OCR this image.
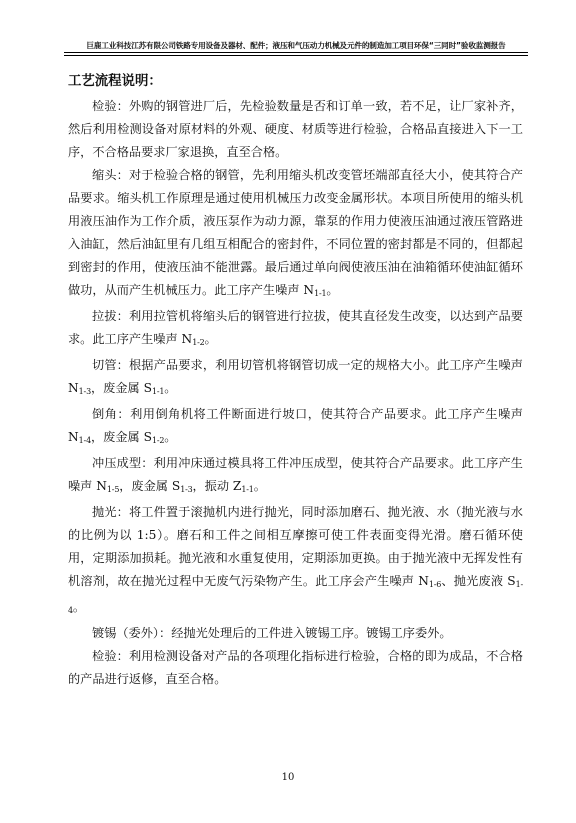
巨鹿工业科技江苏有限公司铁路专用设备及器材、配件；液压和气压动力机械及元件的制造加工项目环保“三同时”验收监测报告
工艺流程说明：

检验：外购的钢管进厂后，先检验数量是否和订单一致，若不足，让厂家补齐，然后利用检测设备对原材料的外观、硬度、材质等进行检验，合格品直接进入下一工序，不合格品要求厂家退换，直至合格。

缩头：对于检验合格的钢管，先利用缩头机改变管坯端部直径大小，使其符合产品要求。缩头机工作原理是通过使用机械压力改变金属形状。本项目所使用的缩头机用液压油作为工作介质，液压泵作为动力源，靠泵的作用力使液压油通过液压管路进入油缸，然后油缸里有几组互相配合的密封件，不同位置的密封都是不同的，但都起到密封的作用，使液压油不能泄露。最后通过单向阀使液压油在油箱循环使油缸循环做功，从而产生机械压力。此工序产生噪声 $N_{1-1}$。

拉拔：利用拉管机将缩头后的钢管进行拉拔，使其直径发生改变，以达到产品要求。此工序产生噪声 $N_{1-2}$。

切管：根据产品要求，利用切管机将钢管切成一定的规格大小。此工序产生噪声 $N_{1-3}$，废金属 $S_{1-1}$。

倒角：利用倒角机将工件断面进行坡口，使其符合产品要求。此工序产生噪声 $N_{1-4}$，废金属 $S_{1-2}$。

冲压成型：利用冲床通过模具将工件冲压成型，使其符合产品要求。此工序产生噪声 $N_{1-5}$，废金属 $S_{1-3}$，振动 $Z_{1-1}$。

抛光：将工件置于滚抛机内进行抛光，同时添加磨石、抛光液、水（抛光液与水的比例为以 1:5）。磨石和工件之间相互摩擦可使工件表面变得光滑。磨石循环使用，定期添加损耗。抛光液和水重复使用，定期添加更换。由于抛光液中无挥发性有机溶剂，故在抛光过程中无废气污染物产生。此工序会产生噪声 $N_{1-6}$、抛光废液 $S_{1-4}$。

镀锡（委外）：经抛光处理后的工件进入镀锡工序。镀锡工序委外。

检验：利用检测设备对产品的各项理化指标进行检验，合格的即为成品，不合格的产品进行返修，直至合格。

10
